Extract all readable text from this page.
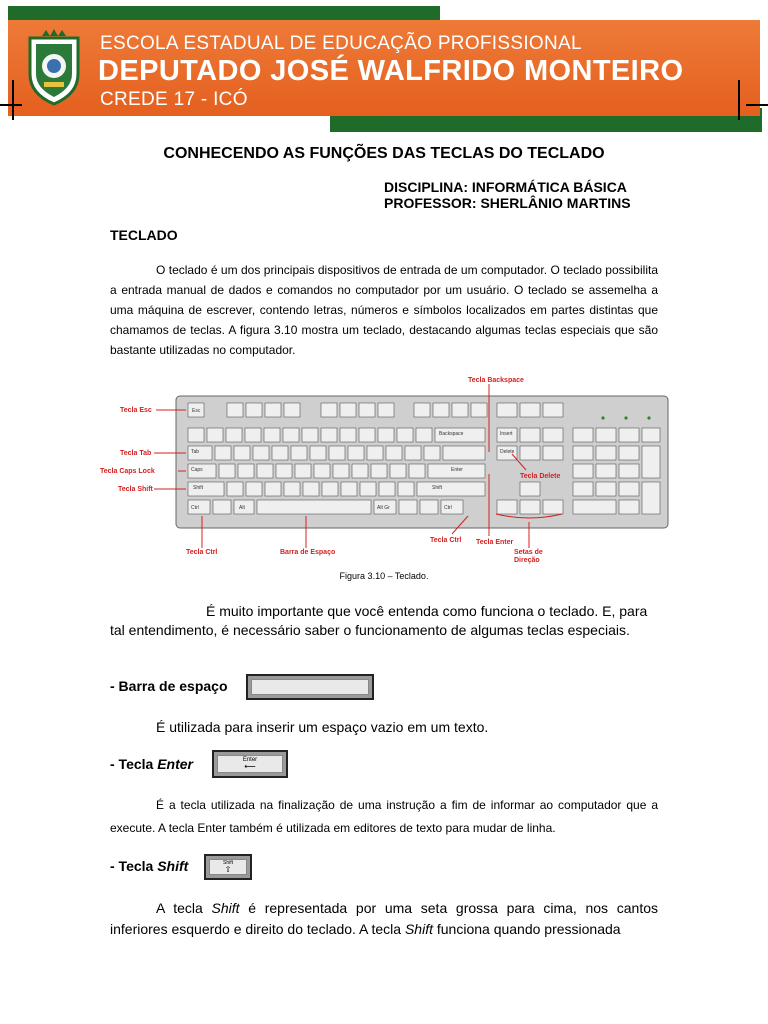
ESCOLA ESTADUAL DE EDUCAÇÃO PROFISSIONAL
DEPUTADO JOSÉ WALFRIDO MONTEIRO
CREDE 17 - ICÓ
CONHECENDO AS FUNÇÕES DAS TECLAS DO TECLADO
DISCIPLINA: INFORMÁTICA BÁSICA
PROFESSOR: SHERLÂNIO MARTINS
TECLADO
O teclado é um dos principais dispositivos de entrada de um computador. O teclado possibilita a entrada manual de dados e comandos no computador por um usuário. O teclado se assemelha a uma máquina de escrever, contendo letras, números e símbolos localizados em partes distintas que chamamos de teclas. A figura 3.10 mostra um teclado, destacando algumas teclas especiais que são bastante utilizadas no computador.
Esc
Backspace
Tab
Caps	Enter
Shift	Shift
Ctrl	Alt	Alt Gr	Ctrl
Insert
Delete
Tecla Esc
Tecla Tab
Tecla Caps Lock
Tecla Shift
Tecla Ctrl	Barra de Espaço
Tecla Ctrl Tecla Enter
Setas de
Direção
Tecla Backspace
Tecla Delete
Figura 3.10 – Teclado.
É muito importante que você entenda como funciona o teclado. E, para tal entendimento, é necessário saber o funcionamento de algumas teclas especiais.
- Barra de espaço
É utilizada para inserir um espaço vazio em um texto.
- Tecla Enter	Enter
⟵
É a tecla utilizada na finalização de uma instrução a fim de informar ao computador que a execute. A tecla Enter também é utilizada em editores de texto para mudar de linha.
- Tecla Shift	Shift
⇧
A tecla Shift é representada por uma seta grossa para cima, nos cantos inferiores esquerdo e direito do teclado. A tecla Shift funciona quando pressionada
